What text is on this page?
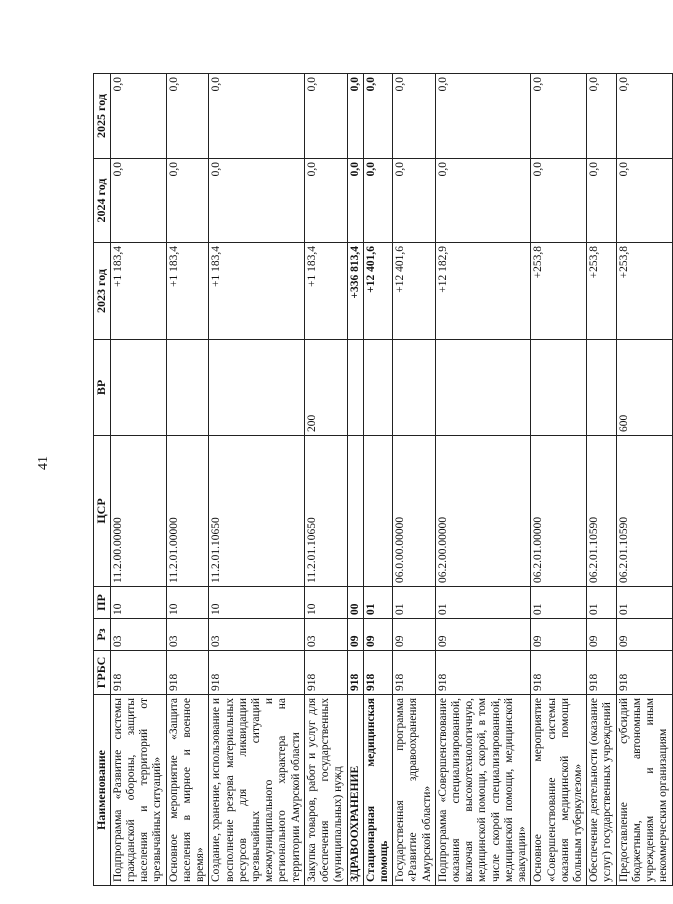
41
Наименование	ГРБС	Рз	ПР	ЦСР	ВР	2023 год	2024 год	2025 год
Подпрограмма «Развитие системы гражданской обороны, защиты населения и территорий от чрезвычайных ситуаций»	918	03	10	11.2.00.00000		+1 183,4	0,0	0,0
Основное мероприятие «Защита населения в мирное и военное время»	918	03	10	11.2.01.00000		+1 183,4	0,0	0,0
Создание, хранение, использование и восполнение резерва материальных ресурсов для ликвидации чрезвычайных ситуаций межмуниципального и регионального характера на территории Амурской области	918	03	10	11.2.01.10650		+1 183,4	0,0	0,0
Закупка товаров, работ и услуг для обеспечения государственных (муниципальных) нужд	918	03	10	11.2.01.10650	200	+1 183,4	0,0	0,0
ЗДРАВООХРАНЕНИЕ	918	09	00			+336 813,4	0,0	0,0
Стационарная медицинская помощь	918	09	01			+12 401,6	0,0	0,0
Государственная программа «Развитие здравоохранения Амурской области»	918	09	01	06.0.00.00000		+12 401,6	0,0	0,0
Подпрограмма «Совершенствование оказания специализированной, включая высокотехнологичную, медицинской помощи, скорой, в том числе скорой специализированной, медицинской помощи, медицинской эвакуации»	918	09	01	06.2.00.00000		+12 182,9	0,0	0,0
Основное мероприятие «Совершенствование системы оказания медицинской помощи больным туберкулезом»	918	09	01	06.2.01.00000		+253,8	0,0	0,0
Обеспечение деятельности (оказание услуг) государственных учреждений	918	09	01	06.2.01.10590		+253,8	0,0	0,0
Предоставление субсидий бюджетным, автономным учреждениям и иным некоммерческим организациям	918	09	01	06.2.01.10590	600	+253,8	0,0	0,0
